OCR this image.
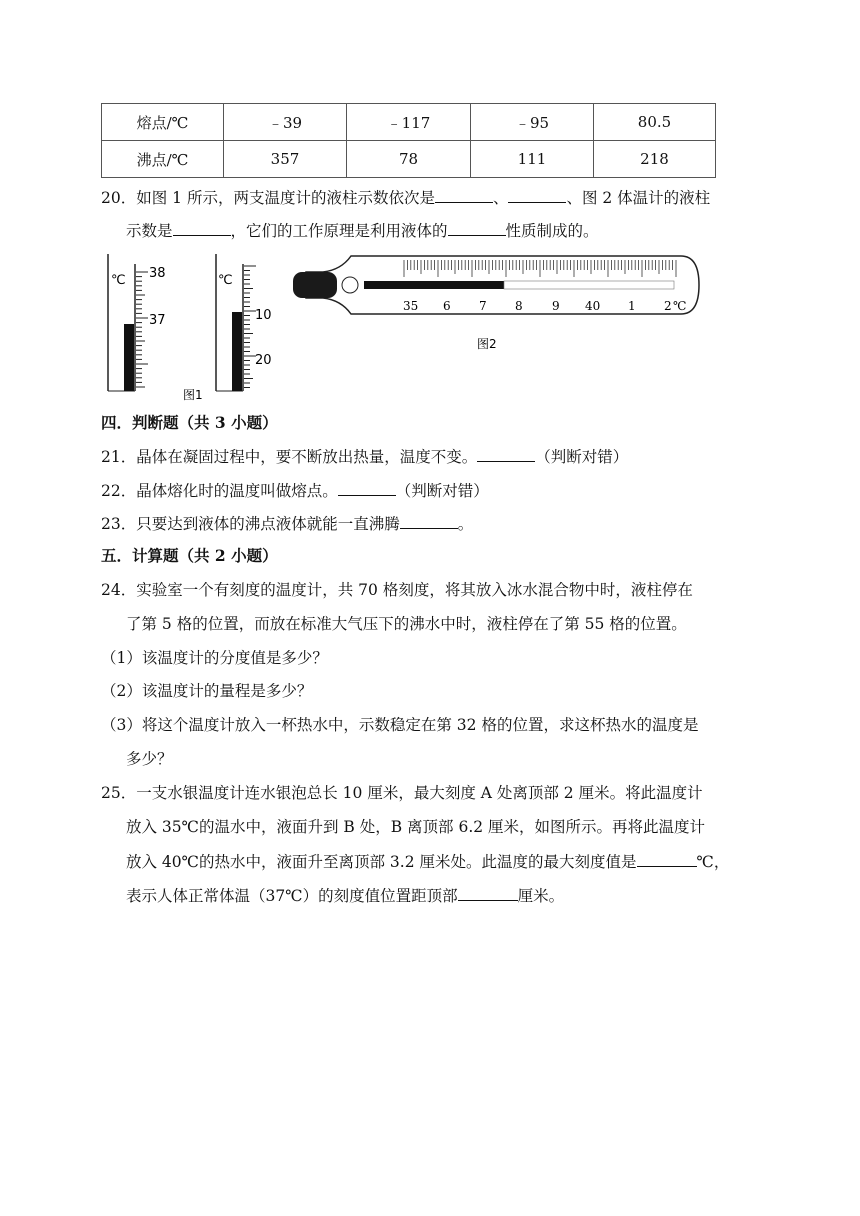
熔点/℃	﹣39	﹣117	﹣95	80.5
沸点/℃	357	78	111	218
20．如图 1 所示，两支温度计的液柱示数依次是	、	、图 2 体温计的液柱
示数是	，它们的工作原理是利用液体的	性质制成的。
℃ 38
37
图1
℃
10
20
35 6 7 8 9 40 1 2 ℃
图2
四．判断题（共 3 小题）
21．晶体在凝固过程中，要不断放出热量，温度不变。	（判断对错）
22．晶体熔化时的温度叫做熔点。	（判断对错）
23．只要达到液体的沸点液体就能一直沸腾	。
五．计算题（共 2 小题）
24．实验室一个有刻度的温度计，共 70 格刻度，将其放入冰水混合物中时，液柱停在
了第 5 格的位置，而放在标准大气压下的沸水中时，液柱停在了第 55 格的位置。
（1）该温度计的分度值是多少？
（2）该温度计的量程是多少？
（3）将这个温度计放入一杯热水中，示数稳定在第 32 格的位置，求这杯热水的温度是
多少？
25．一支水银温度计连水银泡总长 10 厘米，最大刻度 A 处离顶部 2 厘米。将此温度计
放入 35℃的温水中，液面升到 B 处，B 离顶部 6.2 厘米，如图所示。再将此温度计
放入 40℃的热水中，液面升至离顶部 3.2 厘米处。此温度的最大刻度值是	℃，
表示人体正常体温（37℃）的刻度值位置距顶部	厘米。
